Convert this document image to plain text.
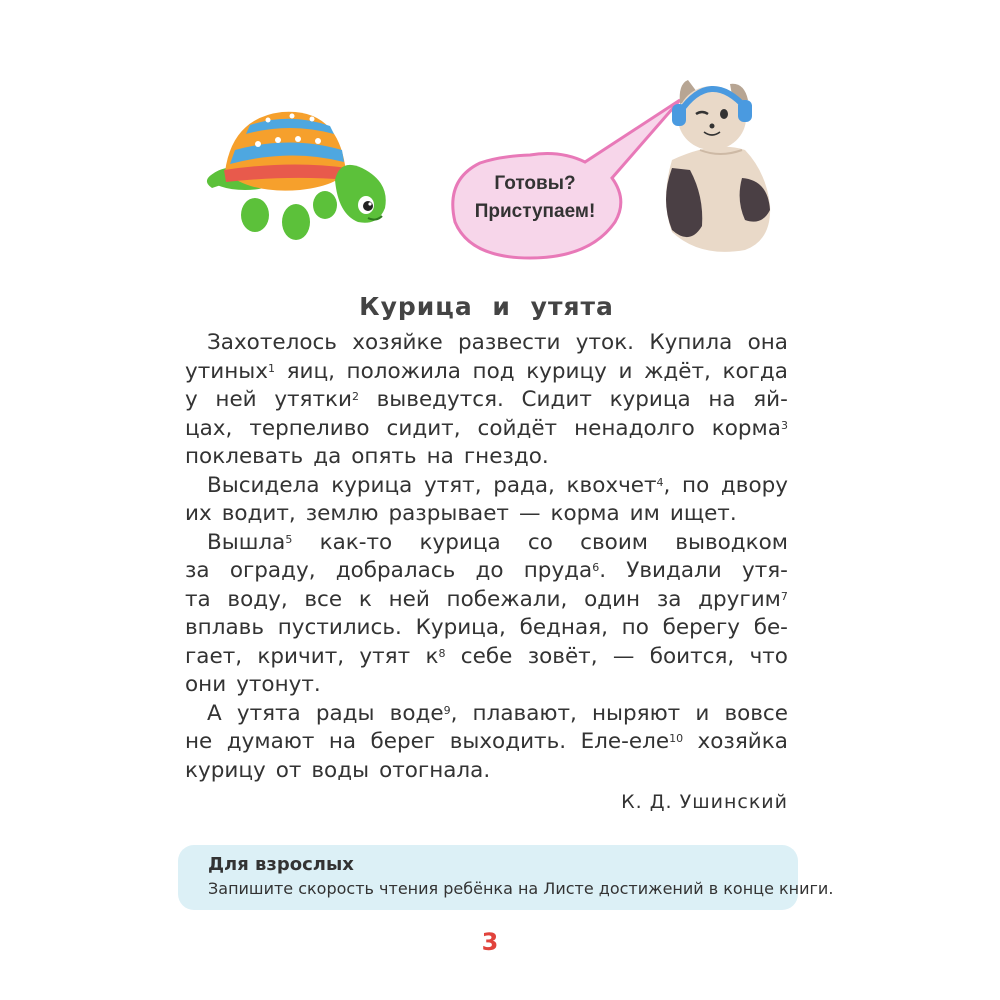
Готовы?
Приступаем!
Курица и утята
Захотелось хозяйке развести уток. Купила она
утиных$^1$ яиц, положила под курицу и ждёт, когда
у ней утятки$^2$ выведутся. Сидит курица на яй-
цах, терпеливо сидит, сойдёт ненадолго корма$^3$
поклевать да опять на гнездо.
Высидела курица утят, рада, квохчет$^4$, по двору
их водит, землю разрывает — корма им ищет.
Вышла$^5$ как-то курица со своим выводком
за ограду, добралась до пруда$^6$. Увидали утя-
та воду, все к ней побежали, один за другим$^7$
вплавь пустились. Курица, бедная, по берегу бе-
гает, кричит, утят $к^8$ себе зовёт, — боится, что
они утонут.
А утята рады воде$^9$, плавают, ныряют и вовсе
не думают на берег выходить. Еле-еле$^{10}$ хозяйка
курицу от воды отогнала.
К. Д. Ушинский
Для взрослых
Запишите скорость чтения ребёнка на Листе достижений в конце книги.
3
